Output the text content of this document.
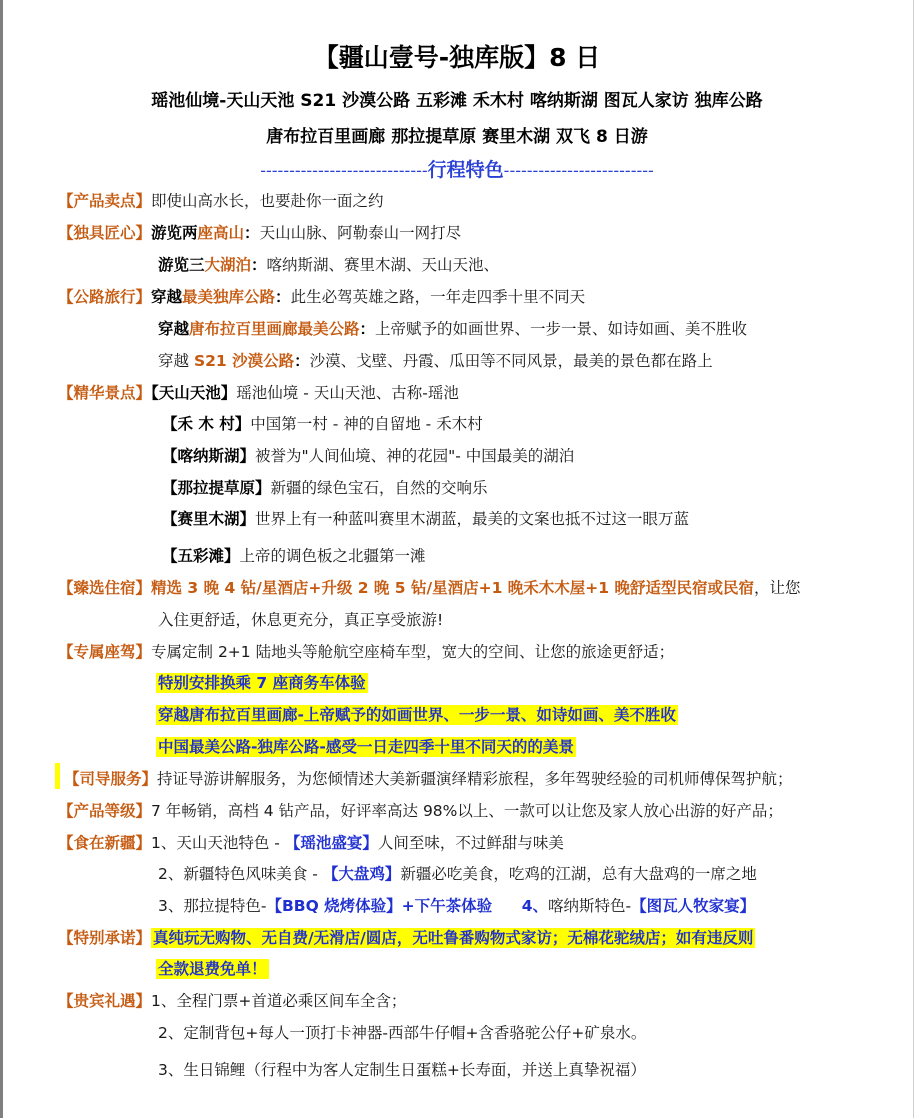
【疆山壹号-独库版】8 日
瑶池仙境-天山天池 S21 沙漠公路 五彩滩 禾木村 喀纳斯湖 图瓦人家访 独库公路
唐布拉百里画廊 那拉提草原 赛里木湖 双飞 8 日游
-----------------------------行程特色--------------------------
【产品卖点】即使山高水长，也要赴你一面之约
【独具匠心】游览两座高山：天山山脉、阿勒泰山一网打尽
游览三大湖泊：喀纳斯湖、赛里木湖、天山天池、
【公路旅行】穿越最美独库公路：此生必驾英雄之路，一年走四季十里不同天
穿越唐布拉百里画廊最美公路：上帝赋予的如画世界、一步一景、如诗如画、美不胜收
穿越 S21 沙漠公路：沙漠、戈壁、丹霞、瓜田等不同风景，最美的景色都在路上
【精华景点】【天山天池】瑶池仙境 - 天山天池、古称-瑶池
【禾 木 村】中国第一村 - 神的自留地 - 禾木村
【喀纳斯湖】被誉为"人间仙境、神的花园"- 中国最美的湖泊
【那拉提草原】新疆的绿色宝石，自然的交响乐
【赛里木湖】世界上有一种蓝叫赛里木湖蓝，最美的文案也抵不过这一眼万蓝
【五彩滩】上帝的调色板之北疆第一滩
【臻选住宿】精选 3 晚 4 钻/星酒店+升级 2 晚 5 钻/星酒店+1 晚禾木木屋+1 晚舒适型民宿或民宿，让您
入住更舒适，休息更充分，真正享受旅游!
【专属座驾】专属定制 2+1 陆地头等舱航空座椅车型，宽大的空间、让您的旅途更舒适；
特别安排换乘 7 座商务车体验
穿越唐布拉百里画廊-上帝赋予的如画世界、一步一景、如诗如画、美不胜收
中国最美公路-独库公路-感受一日走四季十里不同天的的美景
【司导服务】持证导游讲解服务，为您倾情述大美新疆演绎精彩旅程，多年驾驶经验的司机师傅保驾护航；
【产品等级】7 年畅销，高档 4 钻产品，好评率高达 98%以上、一款可以让您及家人放心出游的好产品；
【食在新疆】1、天山天池特色 - 【瑶池盛宴】人间至味，不过鲜甜与味美
2、新疆特色风味美食 - 【大盘鸡】新疆必吃美食，吃鸡的江湖，总有大盘鸡的一席之地
3、那拉提特色-【BBQ 烧烤体验】+下午茶体验 4、喀纳斯特色-【图瓦人牧家宴】
【特别承诺】 真纯玩无购物、无自费/无滑店/圆店，无吐鲁番购物式家访；无棉花驼绒店；如有违反则
全款退费免单！
【贵宾礼遇】1、全程门票+首道必乘区间车全含；
2、定制背包+每人一顶打卡神器-西部牛仔帽+含香骆驼公仔+矿泉水。
3、生日锦鲤（行程中为客人定制生日蛋糕+长寿面，并送上真挚祝福）
